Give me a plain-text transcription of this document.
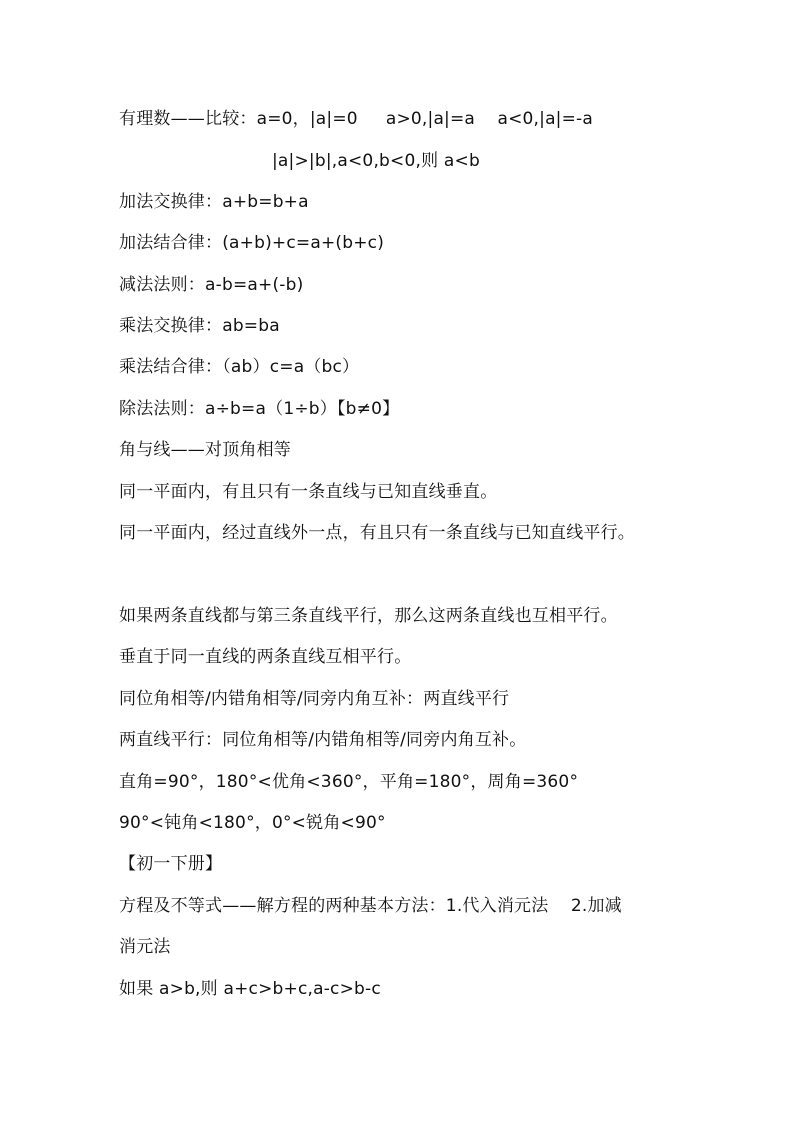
有理数——比较：a=0，|a|=0     a>0,|a|=a    a<0,|a|=-a
|a|>|b|,a<0,b<0,则 a<b
加法交换律：a+b=b+a
加法结合律：(a+b)+c=a+(b+c)
减法法则：a-b=a+(-b)
乘法交换律：ab=ba
乘法结合律：（ab）c=a（bc）
除法法则：a÷b=a（1÷b）【b≠0】
角与线——对顶角相等
同一平面内，有且只有一条直线与已知直线垂直。
同一平面内，经过直线外一点，有且只有一条直线与已知直线平行。
如果两条直线都与第三条直线平行，那么这两条直线也互相平行。
垂直于同一直线的两条直线互相平行。
同位角相等/内错角相等/同旁内角互补：两直线平行
两直线平行：同位角相等/内错角相等/同旁内角互补。
直角=90°，180°<优角<360°，平角=180°，周角=360°
90°<钝角<180°，0°<锐角<90°
【初一下册】
方程及不等式——解方程的两种基本方法：1.代入消元法    2.加减
消元法
如果 a>b,则 a+c>b+c,a-c>b-c
